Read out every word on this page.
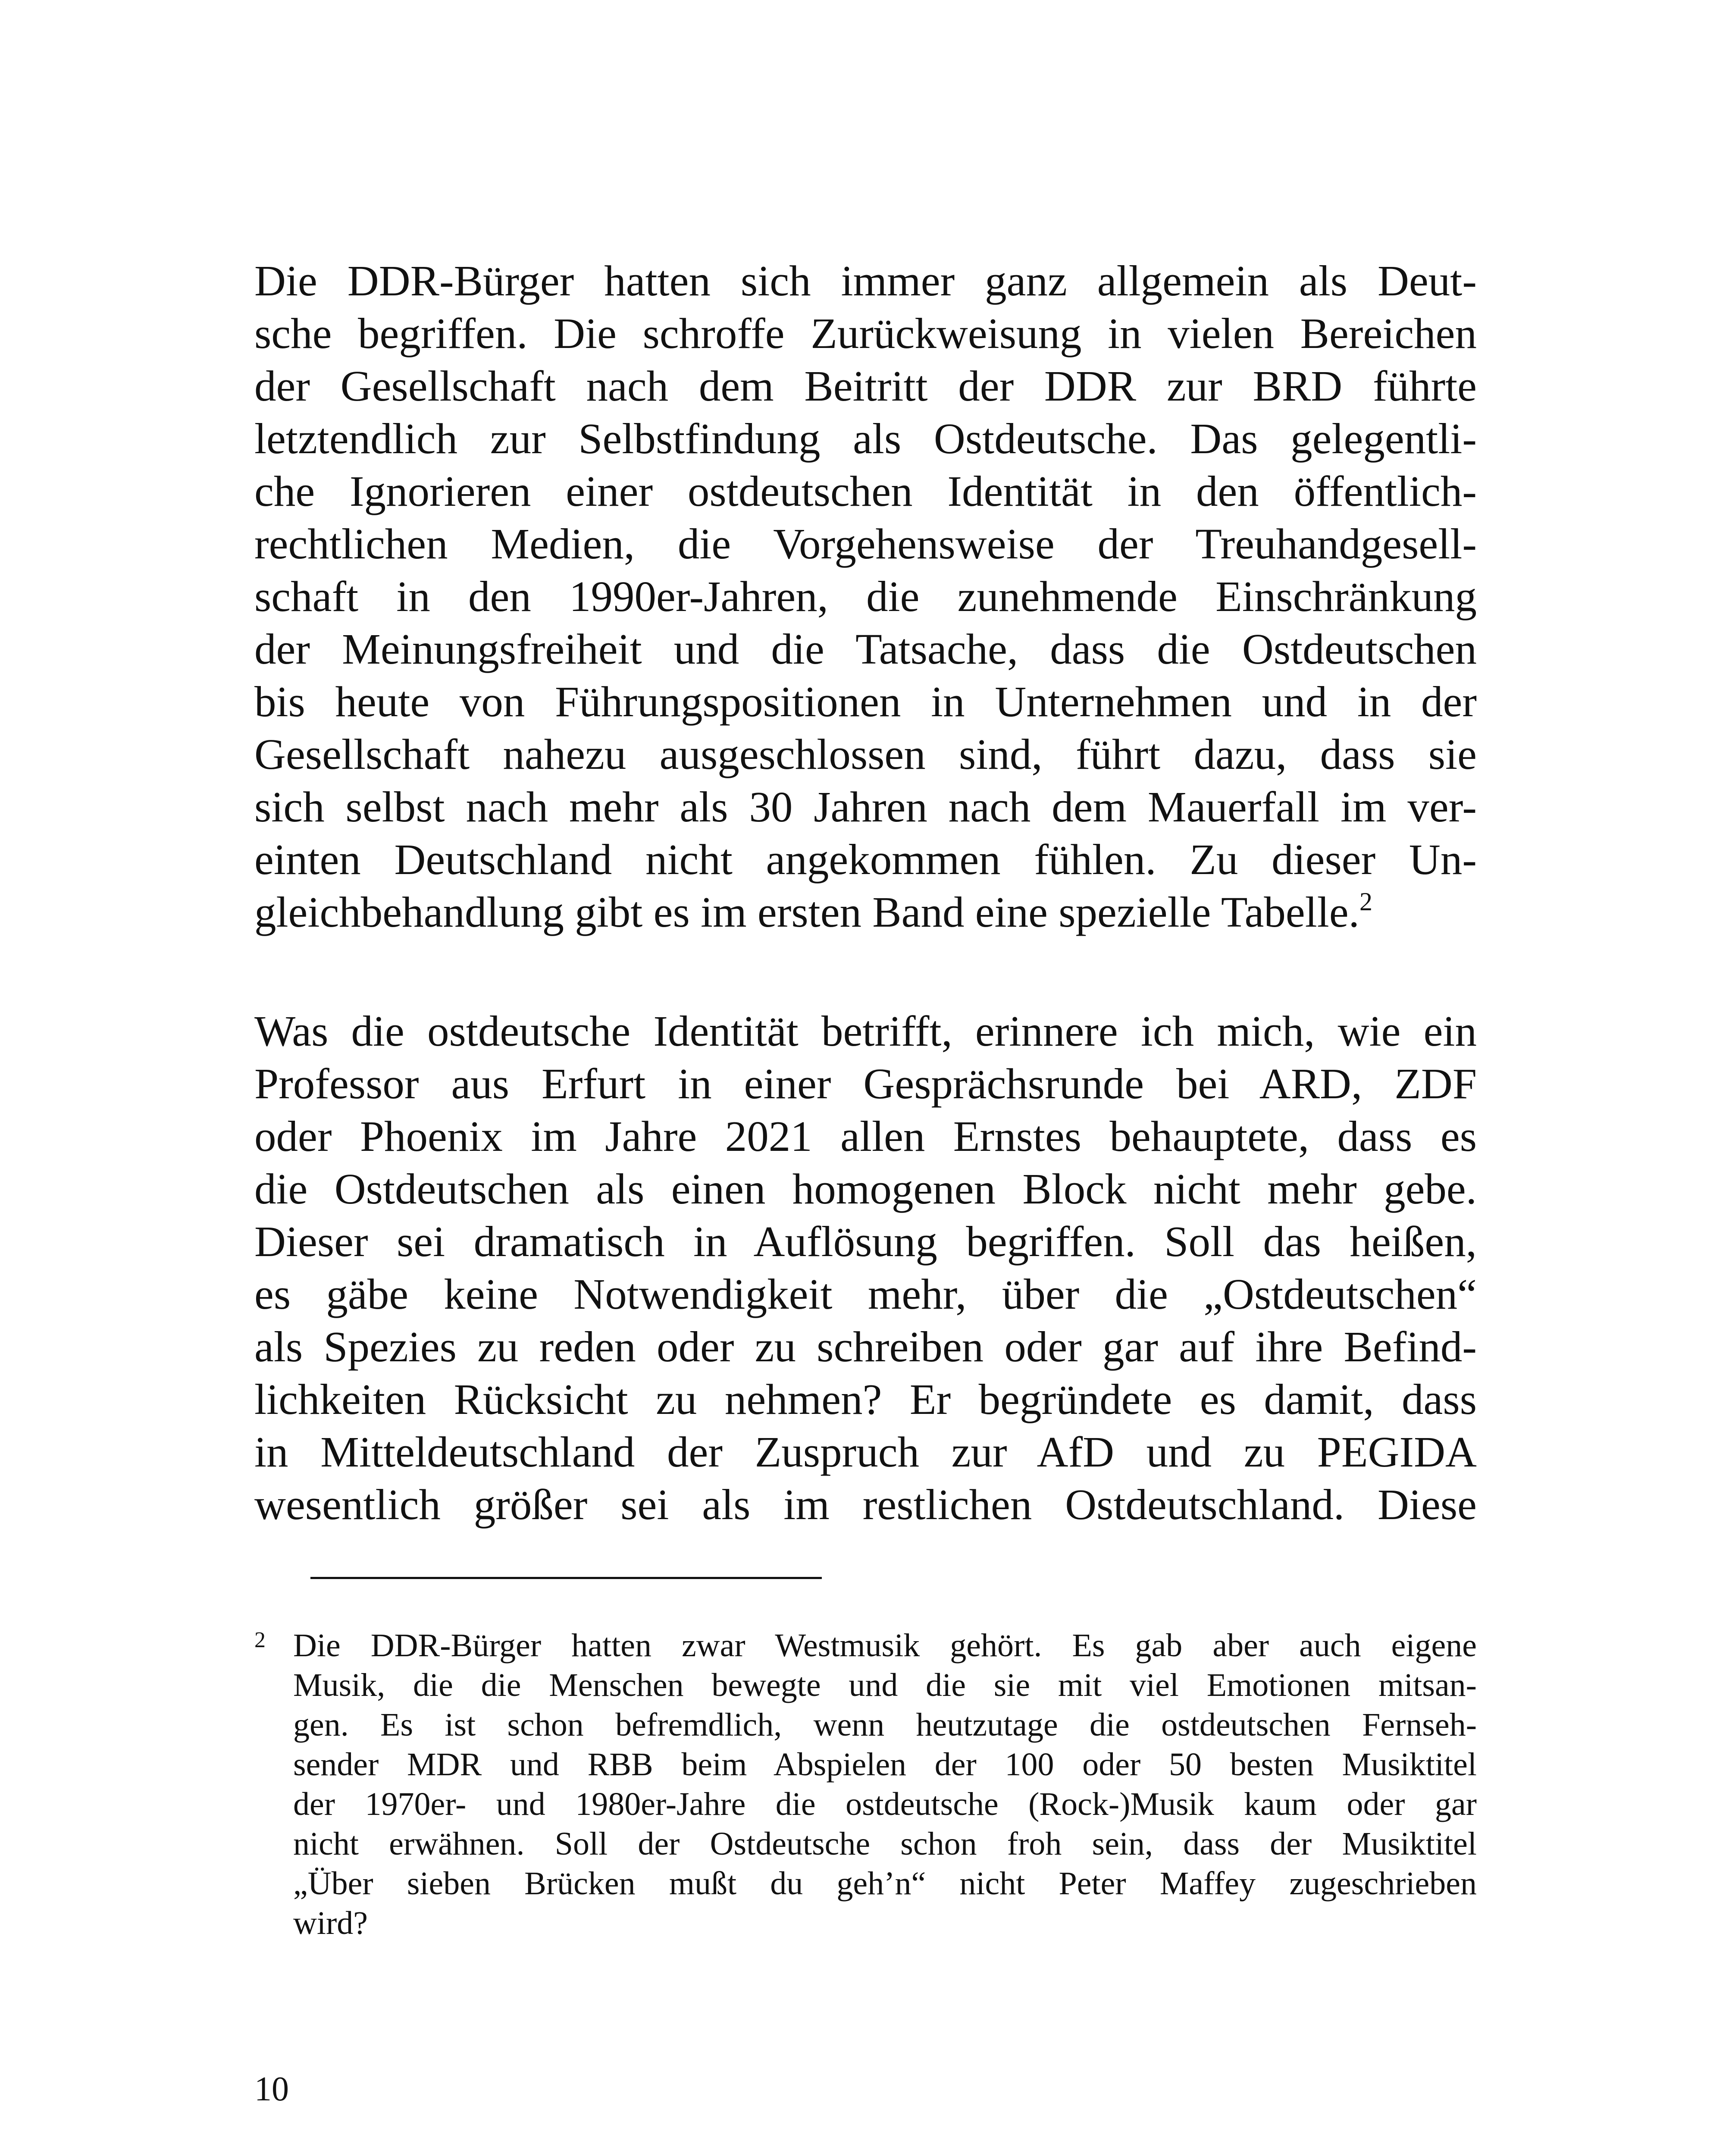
Die DDR-Bürger hatten sich immer ganz allgemein als Deut-
sche begriffen. Die schroffe Zurückweisung in vielen Bereichen
der Gesellschaft nach dem Beitritt der DDR zur BRD führte
letztendlich zur Selbstfindung als Ostdeutsche. Das gelegentli-
che Ignorieren einer ostdeutschen Identität in den öffentlich-
rechtlichen Medien, die Vorgehensweise der Treuhandgesell-
schaft in den 1990er-Jahren, die zunehmende Einschränkung
der Meinungsfreiheit und die Tatsache, dass die Ostdeutschen
bis heute von Führungspositionen in Unternehmen und in der
Gesellschaft nahezu ausgeschlossen sind, führt dazu, dass sie
sich selbst nach mehr als 30 Jahren nach dem Mauerfall im ver-
einten Deutschland nicht angekommen fühlen. Zu dieser Un-
gleichbehandlung gibt es im ersten Band eine spezielle Tabelle.$^2$
Was die ostdeutsche Identität betrifft, erinnere ich mich, wie ein
Professor aus Erfurt in einer Gesprächsrunde bei ARD, ZDF
oder Phoenix im Jahre 2021 allen Ernstes behauptete, dass es
die Ostdeutschen als einen homogenen Block nicht mehr gebe.
Dieser sei dramatisch in Auflösung begriffen. Soll das heißen,
es gäbe keine Notwendigkeit mehr, über die „Ostdeutschen“
als Spezies zu reden oder zu schreiben oder gar auf ihre Befind-
lichkeiten Rücksicht zu nehmen? Er begründete es damit, dass
in Mitteldeutschland der Zuspruch zur AfD und zu PEGIDA
wesentlich größer sei als im restlichen Ostdeutschland. Diese
2 Die DDR-Bürger hatten zwar Westmusik gehört. Es gab aber auch eigene
Musik, die die Menschen bewegte und die sie mit viel Emotionen mitsan-
gen. Es ist schon befremdlich, wenn heutzutage die ostdeutschen Fernseh-
sender MDR und RBB beim Abspielen der 100 oder 50 besten Musiktitel
der 1970er- und 1980er-Jahre die ostdeutsche (Rock-)Musik kaum oder gar
nicht erwähnen. Soll der Ostdeutsche schon froh sein, dass der Musiktitel
„Über sieben Brücken mußt du geh’n“ nicht Peter Maffey zugeschrieben
wird?
10
